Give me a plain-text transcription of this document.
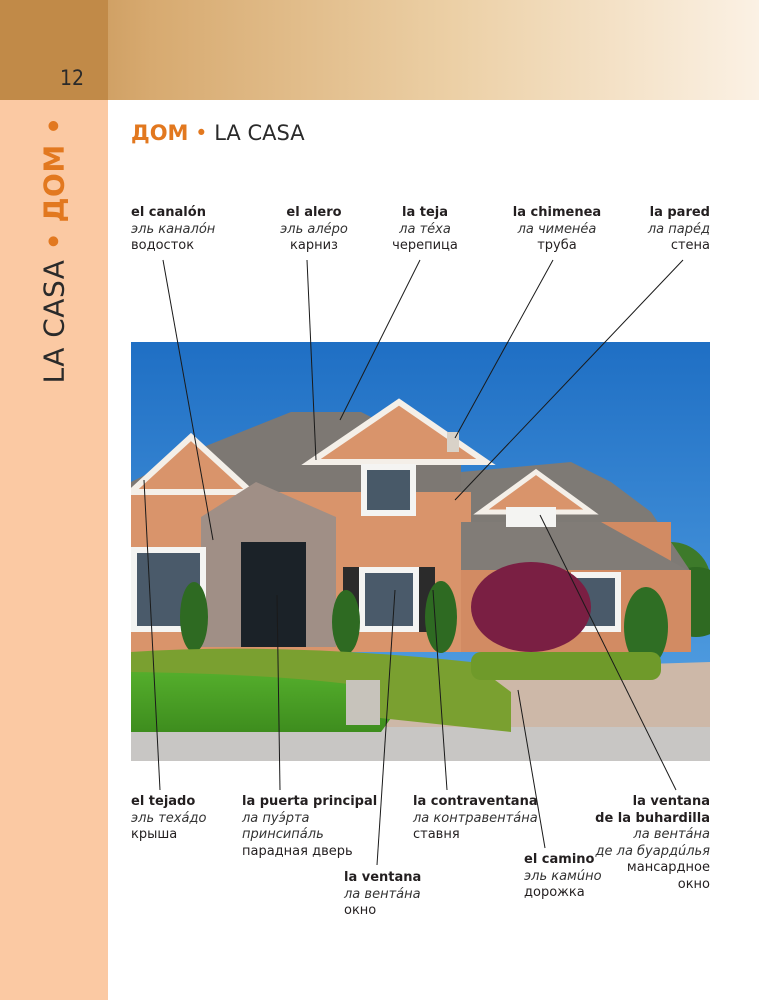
12
LA CASA • ДОМ •	ДОМ • LA CASA
el canalón
эль каналóн
водосток
el alero
эль алéро
карниз
la teja
ла тéха
черепица
la chimenea
ла чименéа
труба
la pared
ла парéд
стена
el tejado
эль техáдо
крыша
la puerta principal
ла пуэ́рта
принсипáль
парадная дверь
la ventana
ла вентáна
окно
la contraventana
ла контравентáна
ставня
el camino
эль камúно
дорожка
la ventana
de la buhardilla
ла вентáна
де ла буардúлья
мансардное
окно
